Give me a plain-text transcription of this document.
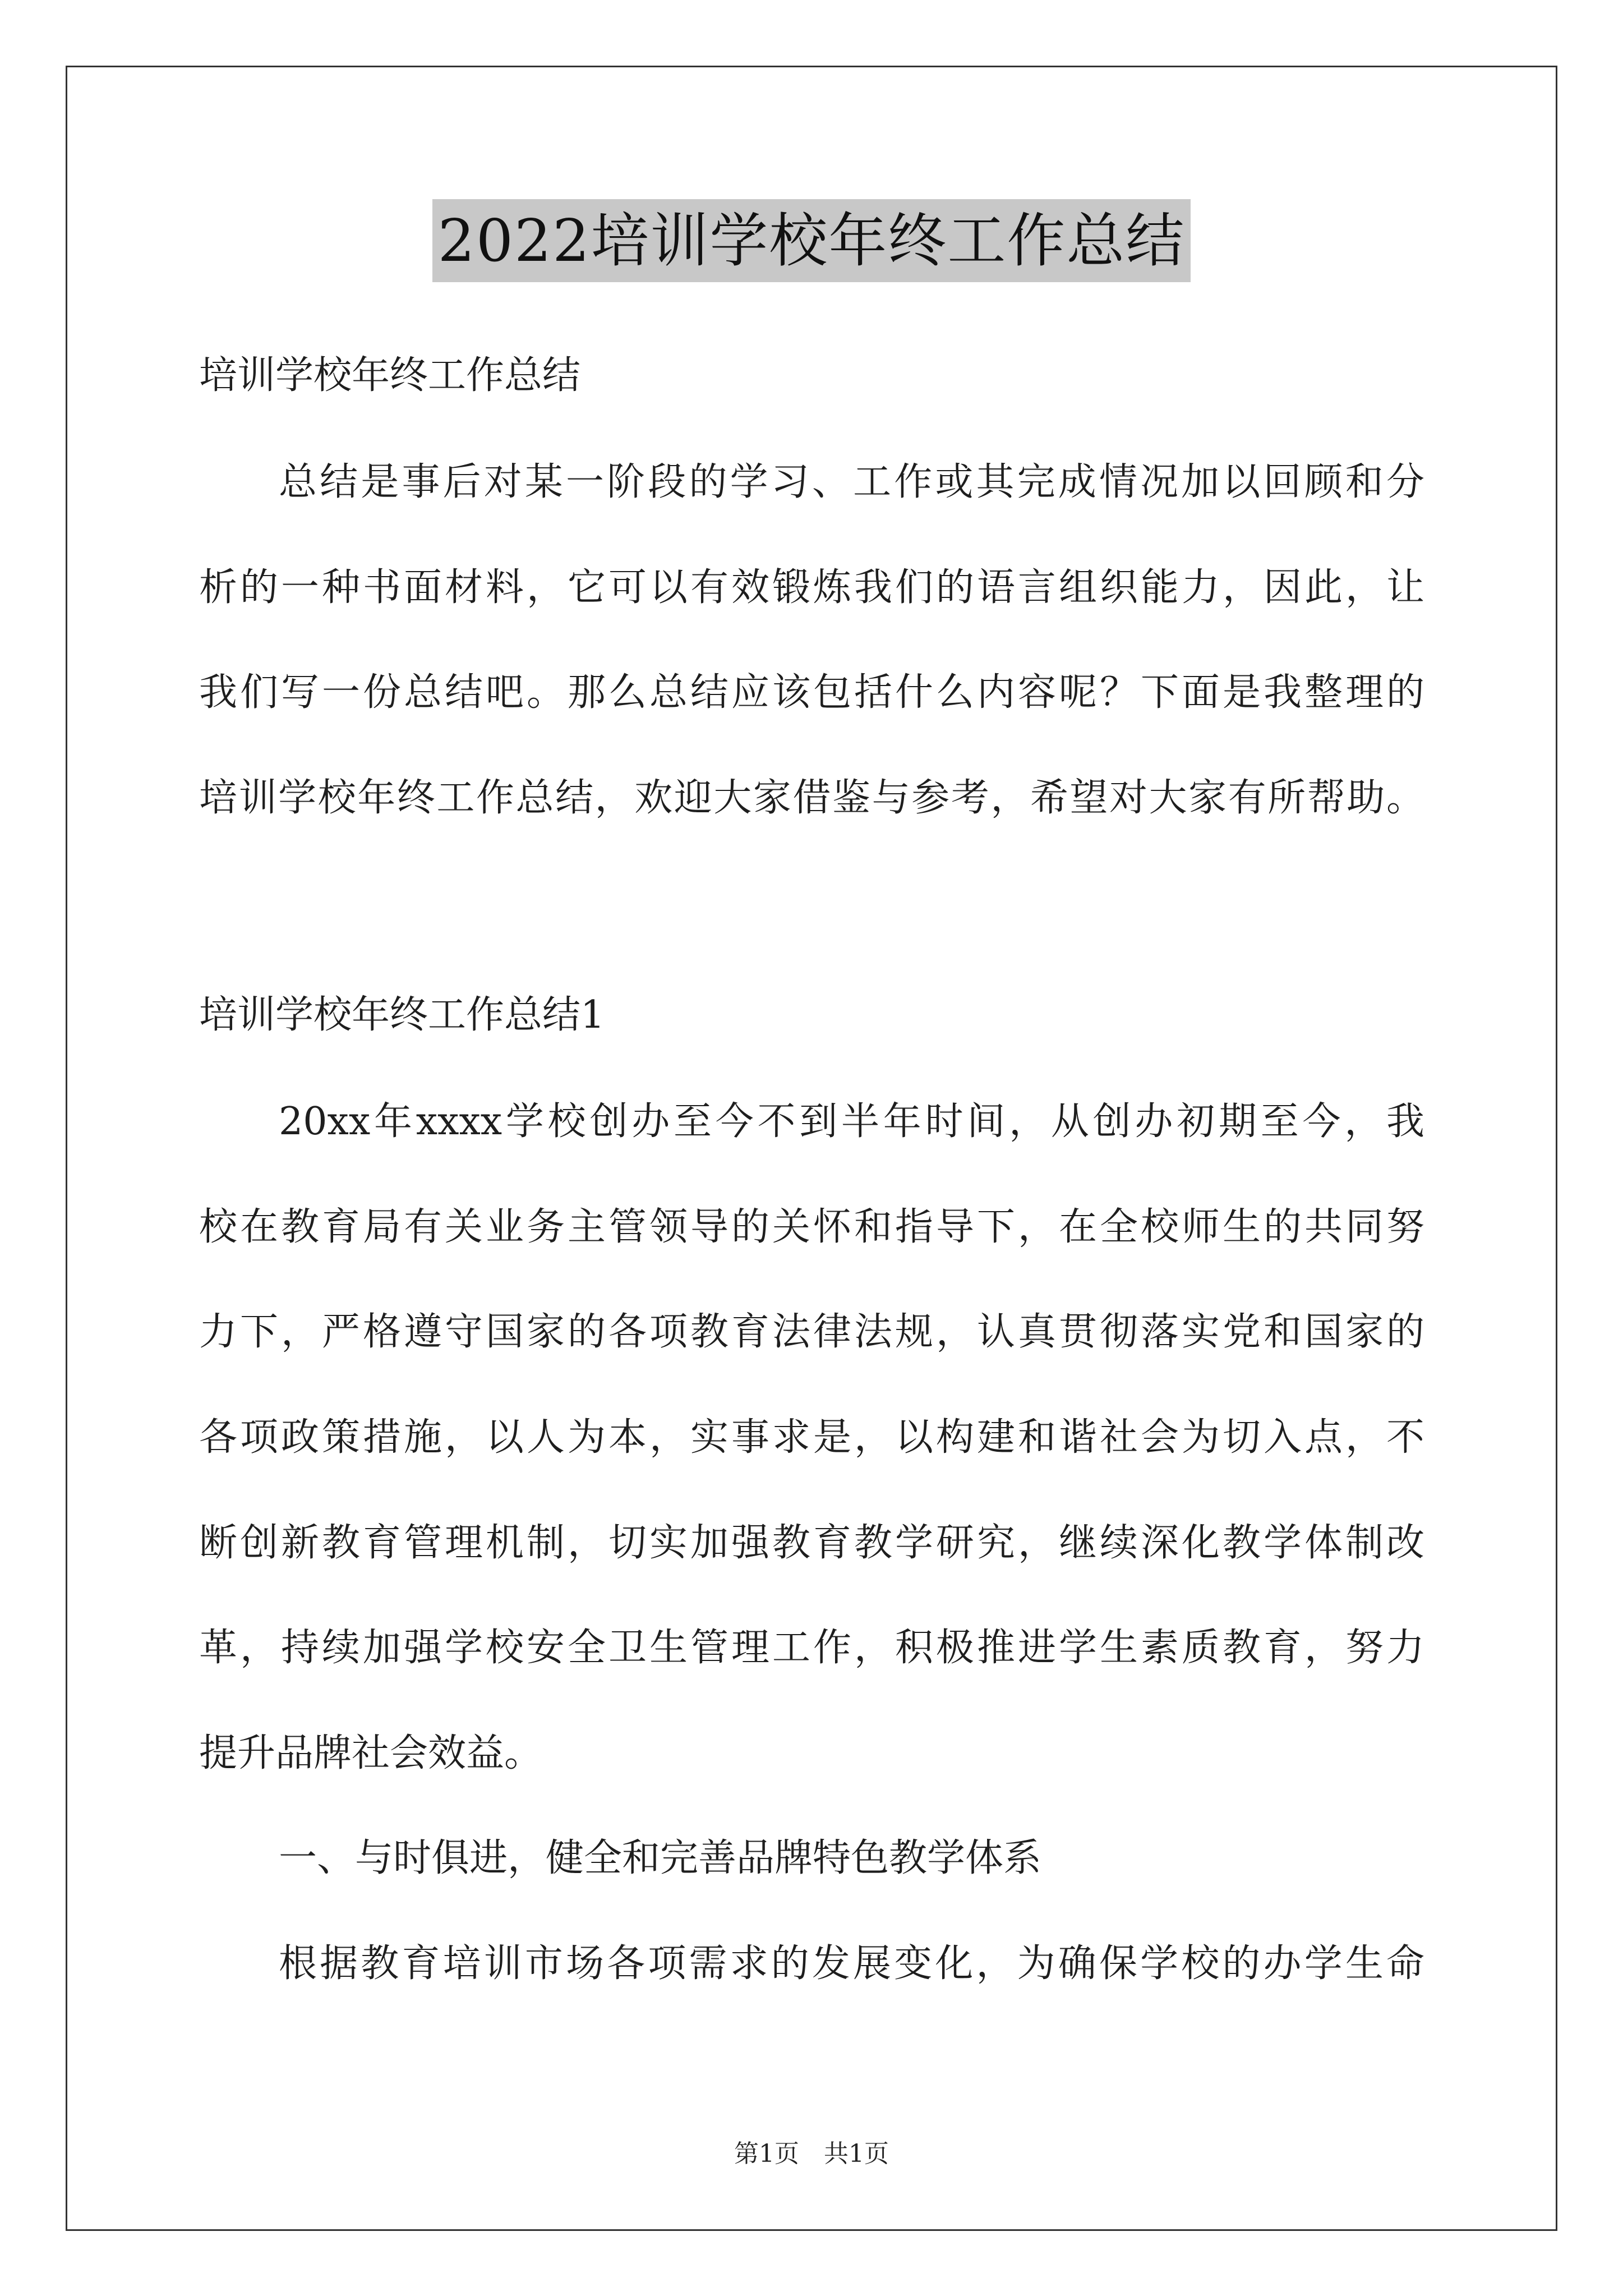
2022培训学校年终工作总结
培训学校年终工作总结
总结是事后对某一阶段的学习、工作或其完成情况加以回顾和分
析的一种书面材料，它可以有效锻炼我们的语言组织能力，因此，让
我们写一份总结吧。那么总结应该包括什么内容呢？下面是我整理的
培训学校年终工作总结，欢迎大家借鉴与参考，希望对大家有所帮助。
培训学校年终工作总结1
20xx年xxxx学校创办至今不到半年时间，从创办初期至今，我
校在教育局有关业务主管领导的关怀和指导下，在全校师生的共同努
力下，严格遵守国家的各项教育法律法规，认真贯彻落实党和国家的
各项政策措施，以人为本，实事求是，以构建和谐社会为切入点，不
断创新教育管理机制，切实加强教育教学研究，继续深化教学体制改
革，持续加强学校安全卫生管理工作，积极推进学生素质教育，努力
提升品牌社会效益。
一、与时俱进，健全和完善品牌特色教学体系
根据教育培训市场各项需求的发展变化，为确保学校的办学生命
第1页　共1页
